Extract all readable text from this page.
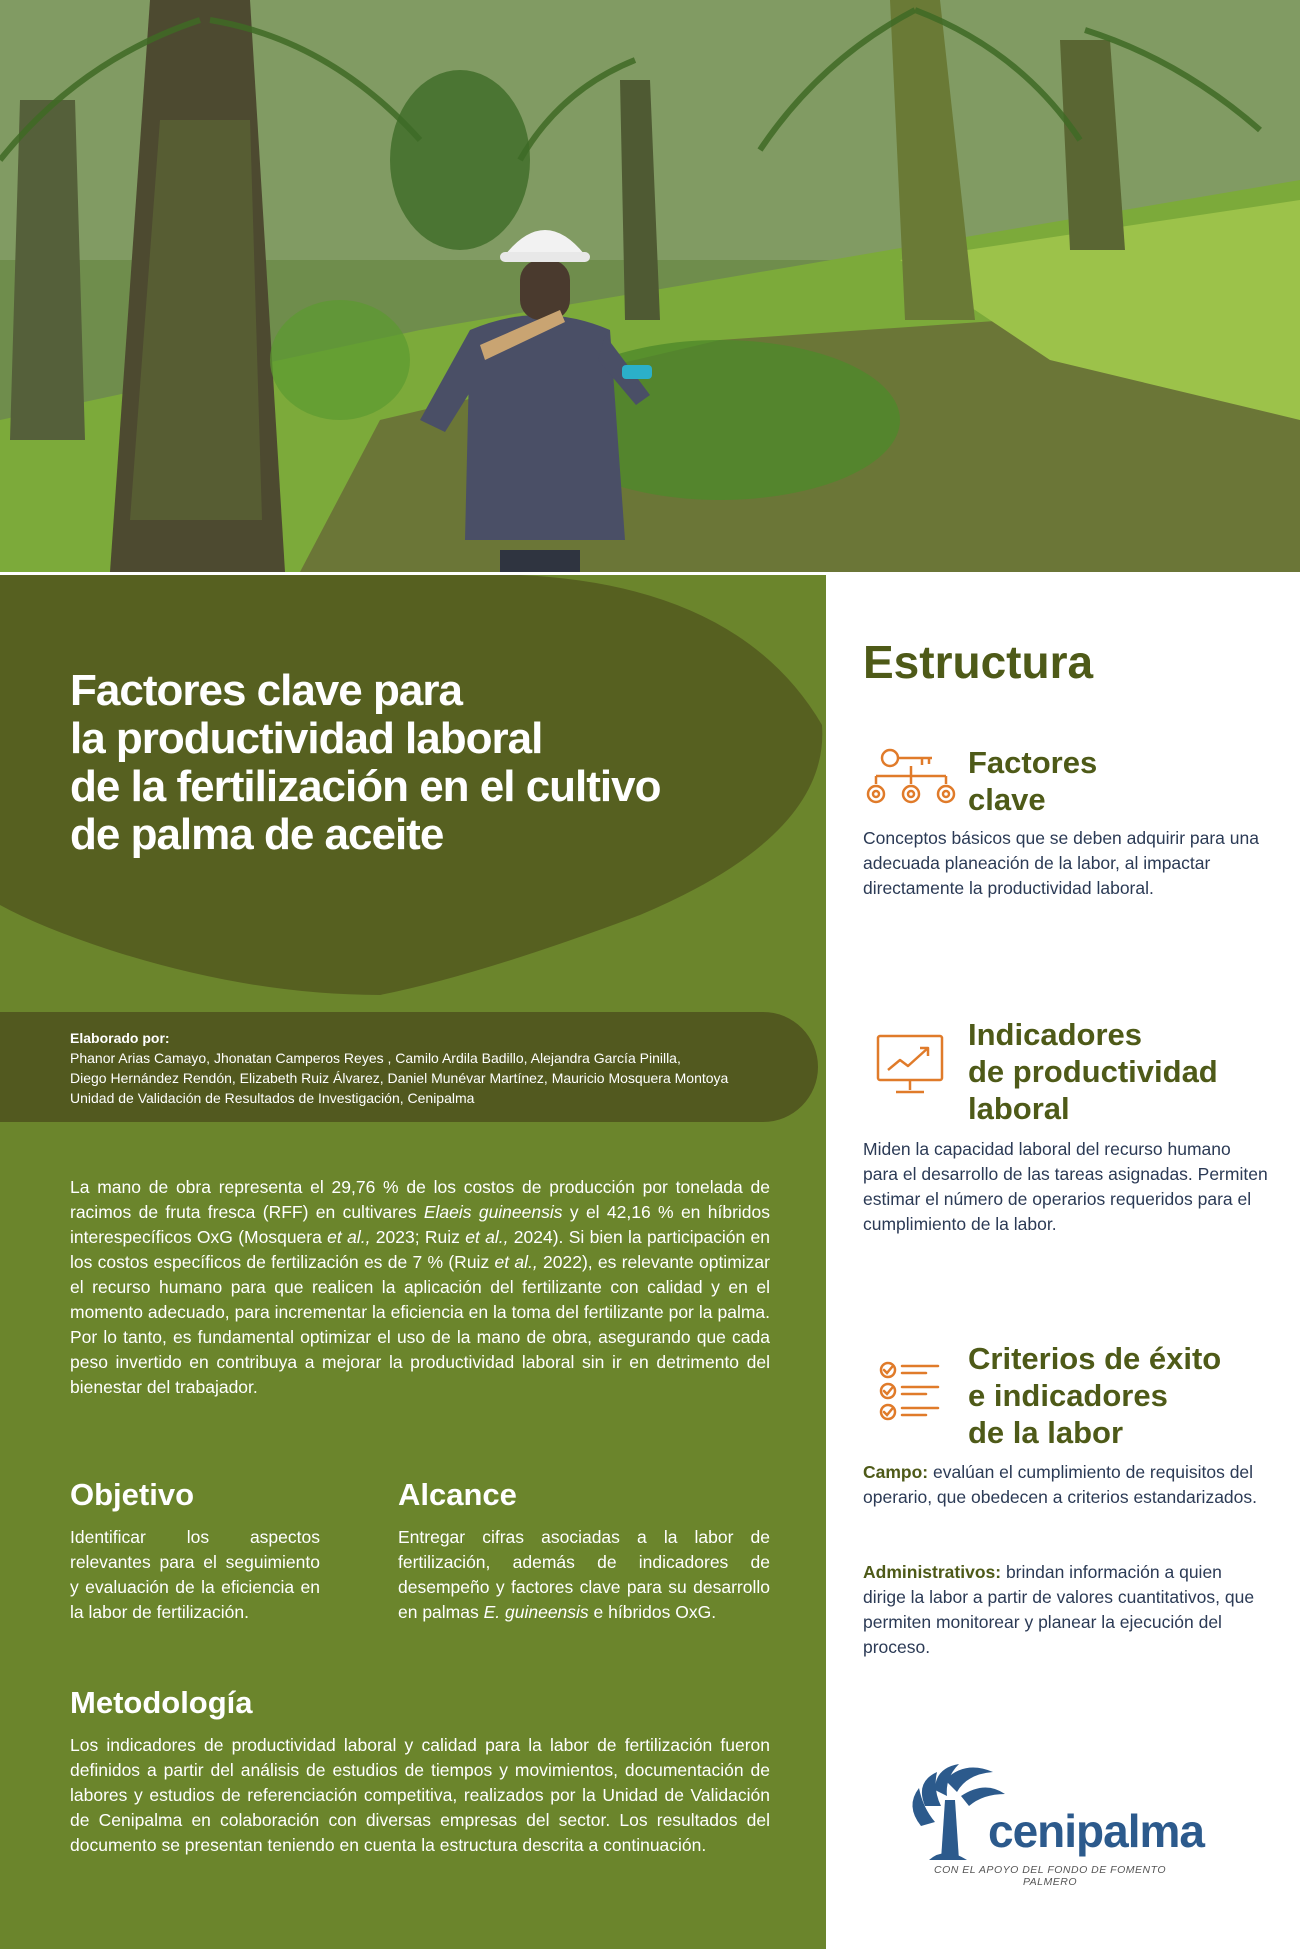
Factores clave para
la productividad laboral
de la fertilización en el cultivo
de palma de aceite
Elaborado por:
Phanor Arias Camayo, Jhonatan Camperos Reyes , Camilo Ardila Badillo, Alejandra García Pinilla,
Diego Hernández Rendón, Elizabeth Ruiz Álvarez, Daniel Munévar Martínez, Mauricio Mosquera Montoya
Unidad de Validación de Resultados de Investigación, Cenipalma

La mano de obra representa el 29,76 % de los costos de producción por tonelada de racimos de fruta fresca (RFF) en cultivares Elaeis guineensis y el 42,16 % en híbridos interespecíficos OxG (Mosquera et al., 2023; Ruiz et al., 2024). Si bien la participación en los costos específicos de fertilización es de 7 % (Ruiz et al., 2022), es relevante optimizar el recurso humano para que realicen la aplicación del fertilizante con calidad y en el momento adecuado, para incrementar la eficiencia en la toma del fertilizante por la palma. Por lo tanto, es fundamental optimizar el uso de la mano de obra, asegurando que cada peso invertido en contribuya a mejorar la productividad laboral sin ir en detrimento del bienestar del trabajador.

Objetivo

Identificar los aspectos relevantes para el seguimiento y evaluación de la eficiencia en la labor de fertilización.

Alcance

Entregar cifras asociadas a la labor de fertilización, además de indicadores de desempeño y factores clave para su desarrollo en palmas E. guineensis e híbridos OxG.

Metodología

Los indicadores de productividad laboral y calidad para la labor de fertilización fueron definidos a partir del análisis de estudios de tiempos y movimientos, documentación de labores y estudios de referenciación competitiva, realizados por la Unidad de Validación de Cenipalma en colaboración con diversas empresas del sector. Los resultados del documento se presentan teniendo en cuenta la estructura descrita a continuación.

Estructura
Factores
clave

Conceptos básicos que se deben adquirir para una adecuada planeación de la labor, al impactar directamente la productividad laboral.

Indicadores
de productividad
laboral

Miden la capacidad laboral del recurso humano para el desarrollo de las tareas asignadas. Permiten estimar el número de operarios requeridos para el cumplimiento de la labor.

Criterios de éxito
e indicadores
de la labor

Campo: evalúan el cumplimiento de requisitos del operario, que obedecen a criterios estandarizados.

Administrativos: brindan información a quien dirige la labor a partir de valores cuantitativos, que permiten monitorear y planear la ejecución del proceso.

cenipalma

CON EL APOYO DEL FONDO DE FOMENTO PALMERO
